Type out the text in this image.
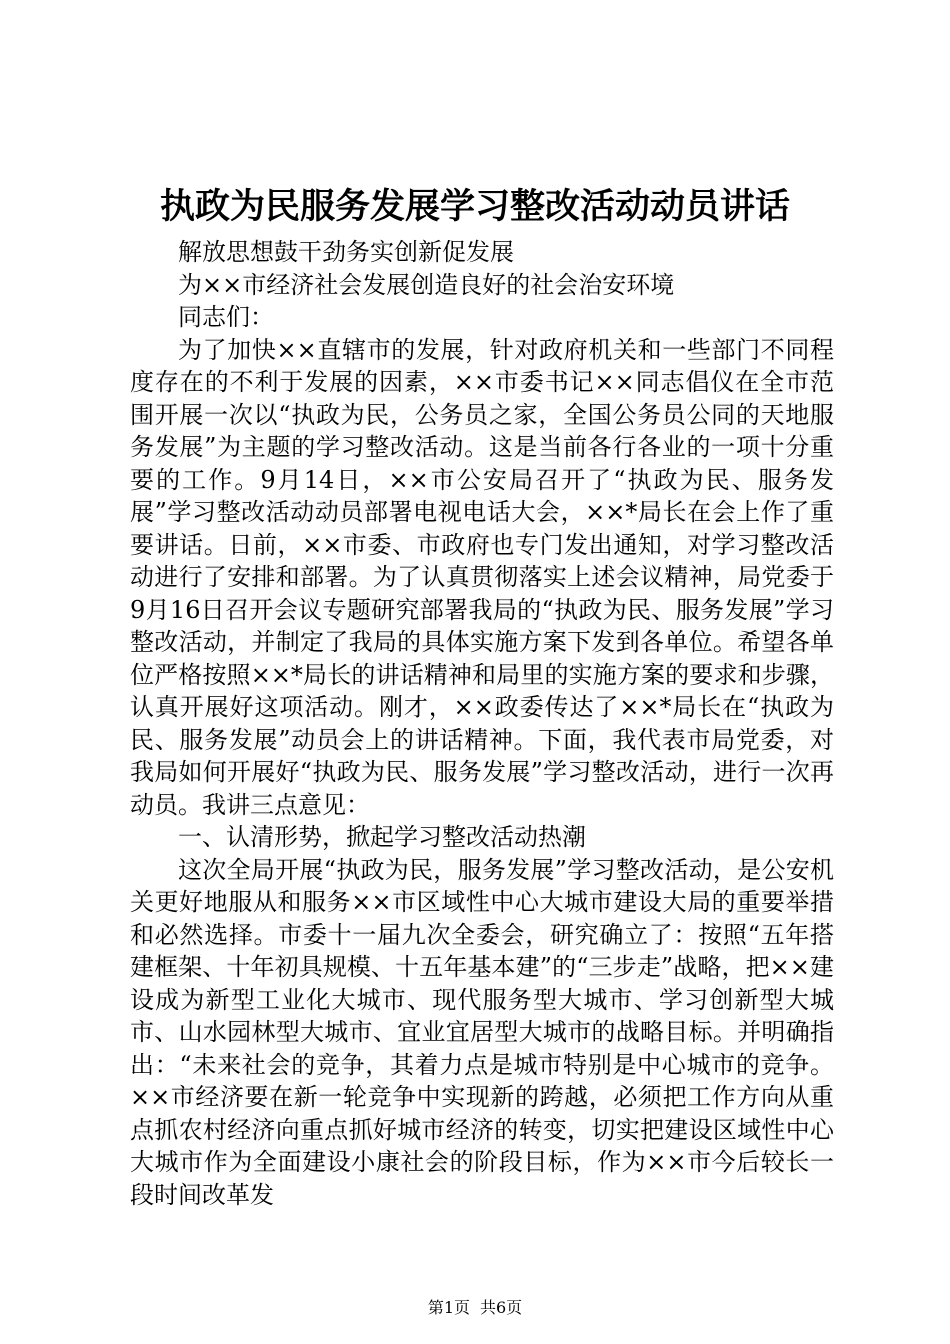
执政为民服务发展学习整改活动动员讲话

解放思想鼓干劲务实创新促发展

为××市经济社会发展创造良好的社会治安环境

同志们：

为了加快××直辖市的发展，针对政府机关和一些部门不同程度存在的不利于发展的因素，××市委书记××同志倡仪在全市范围开展一次以“执政为民，公务员之家，全国公务员公同的天地服务发展”为主题的学习整改活动。这是当前各行各业的一项十分重要的工作。9月14日，××市公安局召开了“执政为民、服务发展”学习整改活动动员部署电视电话大会，××*局长在会上作了重要讲话。日前，××市委、市政府也专门发出通知，对学习整改活动进行了安排和部署。为了认真贯彻落实上述会议精神，局党委于9月16日召开会议专题研究部署我局的“执政为民、服务发展”学习整改活动，并制定了我局的具体实施方案下发到各单位。希望各单位严格按照××*局长的讲话精神和局里的实施方案的要求和步骤，认真开展好这项活动。刚才，××政委传达了××*局长在“执政为民、服务发展”动员会上的讲话精神。下面，我代表市局党委，对我局如何开展好“执政为民、服务发展”学习整改活动，进行一次再动员。我讲三点意见：

一、认清形势，掀起学习整改活动热潮

这次全局开展“执政为民，服务发展”学习整改活动，是公安机关更好地服从和服务××市区域性中心大城市建设大局的重要举措和必然选择。市委十一届九次全委会，研究确立了：按照“五年搭建框架、十年初具规模、十五年基本建”的“三步走”战略，把××建设成为新型工业化大城市、现代服务型大城市、学习创新型大城市、山水园林型大城市、宜业宜居型大城市的战略目标。并明确指出：“未来社会的竞争，其着力点是城市特别是中心城市的竞争。××市经济要在新一轮竞争中实现新的跨越，必须把工作方向从重点抓农村经济向重点抓好城市经济的转变，切实把建设区域性中心大城市作为全面建设小康社会的阶段目标，作为××市今后较长一段时间改革发

第1页 共6页
